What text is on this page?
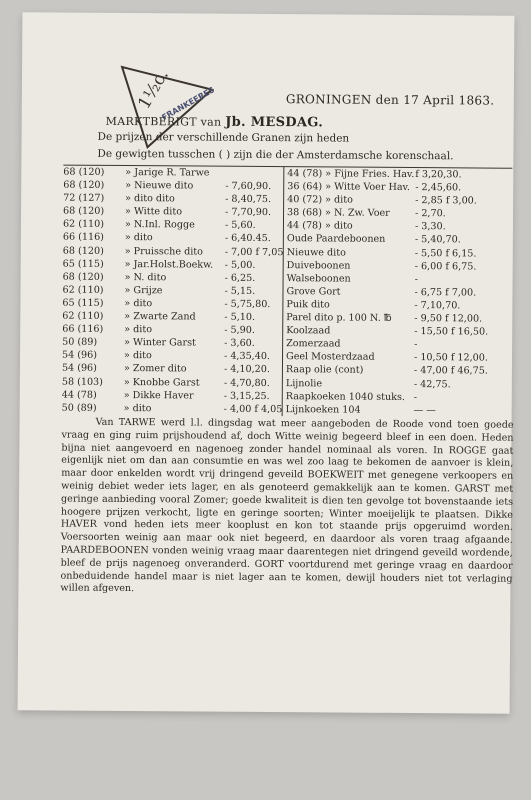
1½c.
FRANKEERES	GRONINGEN den 17 April 1863.
MARKTBERIGT van Jb. MESDAG.
De prijzen der verschillende Granen zijn heden
De gewigten tusschen ( ) zijn die der Amsterdamsche korenschaal.
68 (120)	» Jarige R. Tarwe
68 (120)	» Nieuwe dito	- 7,60,90.
72 (127)	» dito dito	- 8,40,75.
68 (120)	» Witte dito	- 7,70,90.
62 (110)	» N.Inl. Rogge	- 5,60.
66 (116)	» dito	- 6,40.45.
68 (120)	» Pruissche dito	- 7,00 f 7,05
65 (115)	» Jar.Holst.Boekw.	- 5,00.
68 (120)	» N. dito	- 6,25.
62 (110)	» Grijze	- 5,15.
65 (115)	» dito	- 5,75,80.
62 (110)	» Zwarte Zand	- 5,10.
66 (116)	» dito	- 5,90.
50 (89)	» Winter Garst	- 3,60.
54 (96)	» dito	- 4,35,40.
54 (96)	» Zomer dito	- 4,10,20.
58 (103)	» Knobbe Garst	- 4,70,80.
44 (78)	» Dikke Haver	- 3,15,25.
50 (89)	» dito	- 4,00 f 4,05
44 (78) » Fijne Fries. Hav. f 3,20,30.
36 (64) » Witte Voer Hav. - 2,45,60.
40 (72) » dito	- 2,85 f 3,00.
38 (68) » N. Zw. Voer	- 2,70.
44 (78) » dito	- 3,30.
Oude Paardeboonen	- 5,40,70.
Nieuwe dito	- 5,50 f 6,15.
Duiveboonen	- 6,00 f 6,75.
Walseboonen	-
Grove Gort	- 6,75 f 7,00.
Puik dito	- 7,10,70.
Parel dito p. 100 N. ℔	- 9,50 f 12,00.
Koolzaad	- 15,50 f 16,50.
Zomerzaad	-
Geel Mosterdzaad	- 10,50 f 12,00.
Raap olie (cont)	- 47,00 f 46,75.
Lijnolie	- 42,75.
Raapkoeken 1040 stuks. -
Lijnkoeken 104	— —

Van TARWE werd l.l. dingsdag wat meer aangeboden de Roode vond toen goede vraag en ging ruim prijshoudend af, doch Witte weinig begeerd bleef in een doen. Heden bijna niet aangevoerd en nagenoeg zonder handel nominaal als voren. In ROGGE gaat eigenlijk niet om dan aan consumtie en was wel zoo laag te bekomen de aanvoer is klein, maar door enkelden wordt vrij dringend geveild BOEKWEIT met genegene verkoopers en weinig debiet weder iets lager, en als genoteerd gemakkelijk aan te komen. GARST met geringe aanbieding vooral Zomer; goede kwaliteit is dien ten gevolge tot bovenstaande iets hoogere prijzen verkocht, ligte en geringe soorten; Winter moeijelijk te plaatsen. Dikke HAVER vond heden iets meer kooplust en kon tot staande prijs opgeruimd worden. Voersoorten weinig aan maar ook niet begeerd, en daardoor als voren traag afgaande. PAARDEBOONEN vonden weinig vraag maar daarentegen niet dringend geveild wordende, bleef de prijs nagenoeg onveranderd. GORT voortdurend met geringe vraag en daardoor onbeduidende handel maar is niet lager aan te komen, dewijl houders niet tot verlaging willen afgeven.
